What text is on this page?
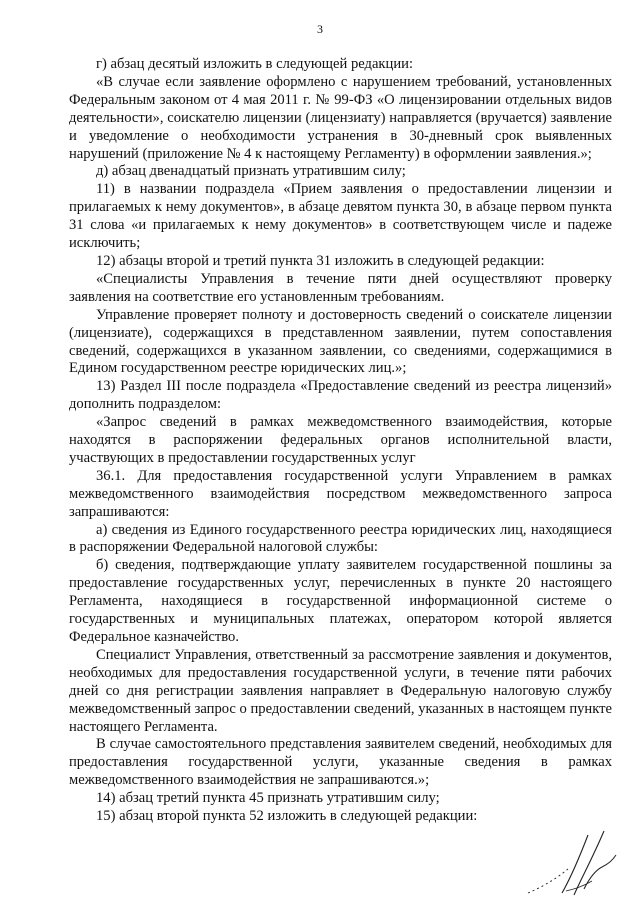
3

г) абзац десятый изложить в следующей редакции:

«В случае если заявление оформлено с нарушением требований, установленных Федеральным законом от 4 мая 2011 г. № 99-ФЗ «О лицензировании отдельных видов деятельности», соискателю лицензии (лицензиату) направляется (вручается) заявление и уведомление о необходимости устранения в 30-дневный срок выявленных нарушений (приложение № 4 к настоящему Регламенту) в оформлении заявления.»;

д) абзац двенадцатый признать утратившим силу;

11) в названии подраздела «Прием заявления о предоставлении лицензии и прилагаемых к нему документов», в абзаце девятом пункта 30, в абзаце первом пункта 31 слова «и прилагаемых к нему документов» в соответствующем числе и падеже исключить;

12) абзацы второй и третий пункта 31 изложить в следующей редакции:

«Специалисты Управления в течение пяти дней осуществляют проверку заявления на соответствие его установленным требованиям.

Управление проверяет полноту и достоверность сведений о соискателе лицензии (лицензиате), содержащихся в представленном заявлении, путем сопоставления сведений, содержащихся в указанном заявлении, со сведениями, содержащимися в Едином государственном реестре юридических лиц.»;

13) Раздел III после подраздела «Предоставление сведений из реестра лицензий» дополнить подразделом:

«Запрос сведений в рамках межведомственного взаимодействия, которые находятся в распоряжении федеральных органов исполнительной власти, участвующих в предоставлении государственных услуг

36.1. Для предоставления государственной услуги Управлением в рамках межведомственного взаимодействия посредством межведомственного запроса запрашиваются:

а) сведения из Единого государственного реестра юридических лиц, находящиеся в распоряжении Федеральной налоговой службы:

б) сведения, подтверждающие уплату заявителем государственной пошлины за предоставление государственных услуг, перечисленных в пункте 20 настоящего Регламента, находящиеся в государственной информационной системе о государственных и муниципальных платежах, оператором которой является Федеральное казначейство.

Специалист Управления, ответственный за рассмотрение заявления и документов, необходимых для предоставления государственной услуги, в течение пяти рабочих дней со дня регистрации заявления направляет в Федеральную налоговую службу межведомственный запрос о предоставлении сведений, указанных в настоящем пункте настоящего Регламента.

В случае самостоятельного представления заявителем сведений, необходимых для предоставления государственной услуги, указанные сведения в рамках межведомственного взаимодействия не запрашиваются.»;

14) абзац третий пункта 45 признать утратившим силу;

15) абзац второй пункта 52 изложить в следующей редакции:
